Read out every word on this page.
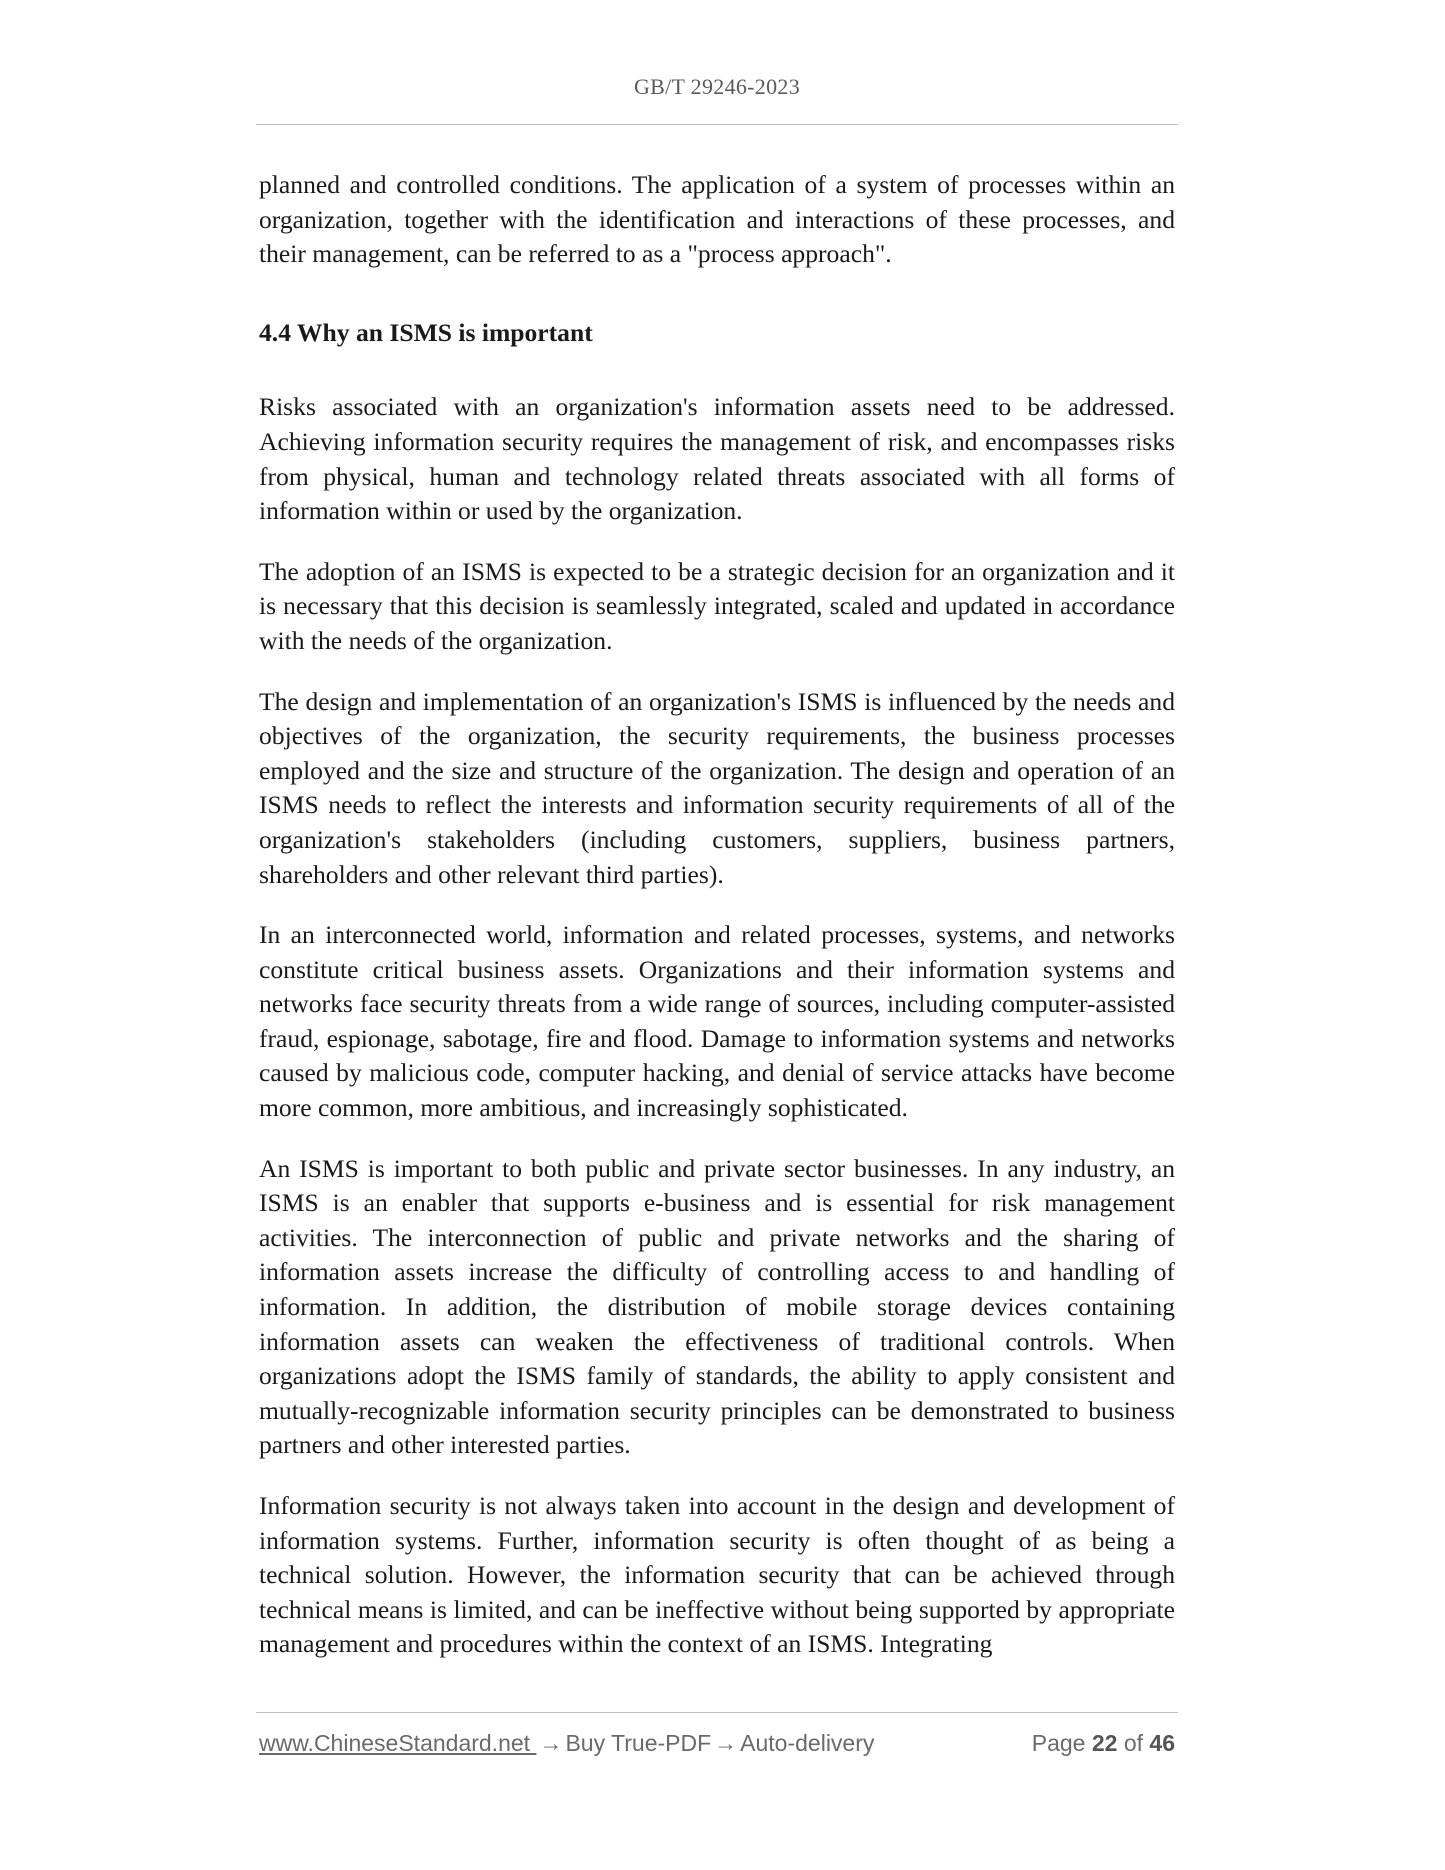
GB/T 29246-2023

planned and controlled conditions. The application of a system of processes within an organization, together with the identification and interactions of these processes, and their management, can be referred to as a "process approach".

4.4 Why an ISMS is important

Risks associated with an organization's information assets need to be addressed. Achieving information security requires the management of risk, and encompasses risks from physical, human and technology related threats associated with all forms of information within or used by the organization.

The adoption of an ISMS is expected to be a strategic decision for an organization and it is necessary that this decision is seamlessly integrated, scaled and updated in accordance with the needs of the organization.

The design and implementation of an organization's ISMS is influenced by the needs and objectives of the organization, the security requirements, the business processes employed and the size and structure of the organization. The design and operation of an ISMS needs to reflect the interests and information security requirements of all of the organization's stakeholders (including customers, suppliers, business partners, shareholders and other relevant third parties).

In an interconnected world, information and related processes, systems, and networks constitute critical business assets. Organizations and their information systems and networks face security threats from a wide range of sources, including computer-assisted fraud, espionage, sabotage, fire and flood. Damage to information systems and networks caused by malicious code, computer hacking, and denial of service attacks have become more common, more ambitious, and increasingly sophisticated.

An ISMS is important to both public and private sector businesses. In any industry, an ISMS is an enabler that supports e-business and is essential for risk management activities. The interconnection of public and private networks and the sharing of information assets increase the difficulty of controlling access to and handling of information. In addition, the distribution of mobile storage devices containing information assets can weaken the effectiveness of traditional controls. When organizations adopt the ISMS family of standards, the ability to apply consistent and mutually-recognizable information security principles can be demonstrated to business partners and other interested parties.

Information security is not always taken into account in the design and development of information systems. Further, information security is often thought of as being a technical solution. However, the information security that can be achieved through technical means is limited, and can be ineffective without being supported by appropriate management and procedures within the context of an ISMS. Integrating

www.ChineseStandard.net → Buy True-PDF → Auto-delivery	Page 22 of 46
